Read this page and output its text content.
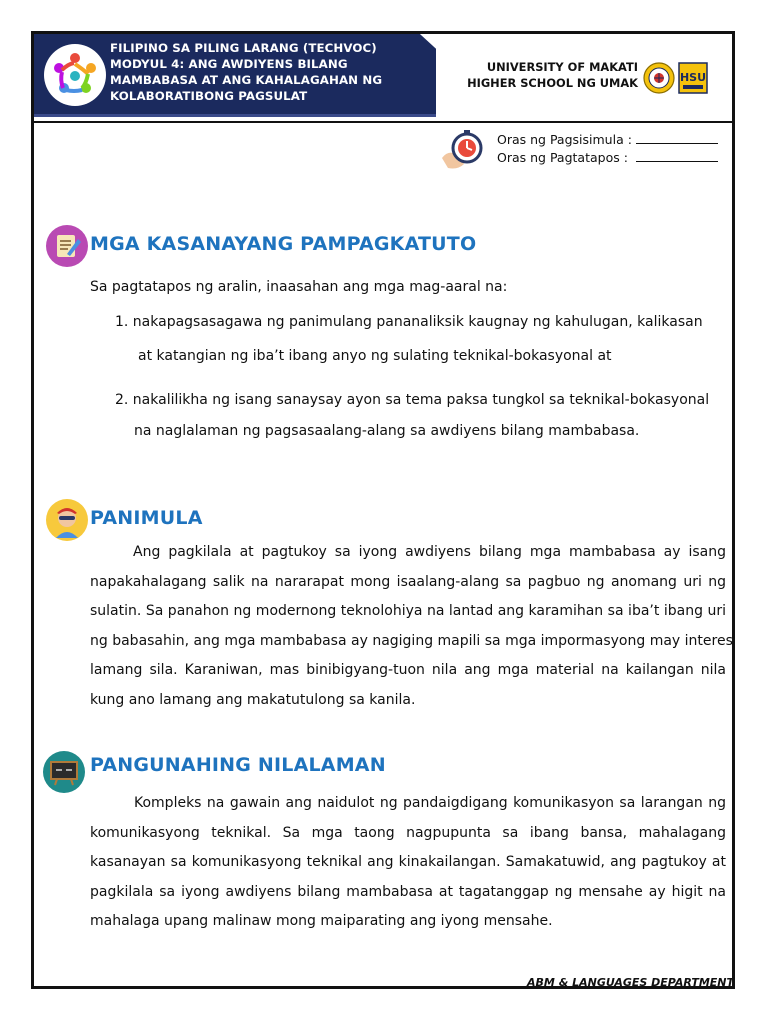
FILIPINO SA PILING LARANG (TECHVOC)
MODYUL 4: ANG AWDIYENS BILANG
MAMBABASA AT ANG KAHALAGAHAN NG
KOLABORATIBONG PAGSULAT
UNIVERSITY OF MAKATI
HIGHER SCHOOL NG UMAK	HSU
Oras ng Pagsisimula :
Oras ng Pagtatapos :
MGA KASANAYANG PAMPAGKATUTO
Sa pagtatapos ng aralin, inaasahan ang mga mag-aaral na:
1. nakapagsasagawa ng panimulang pananaliksik kaugnay ng kahulugan, kalikasan
at katangian ng iba’t ibang anyo ng sulating teknikal-bokasyonal at
2. nakalilikha ng isang sanaysay ayon sa tema paksa tungkol sa teknikal-bokasyonal
na naglalaman ng pagsasaalang-alang sa awdiyens bilang mambabasa.
PANIMULA
Ang pagkilala at pagtukoy sa iyong awdiyens bilang mga mambabasa ay isang
napakahalagang salik na nararapat mong isaalang-alang sa pagbuo ng anomang uri ng
sulatin. Sa panahon ng modernong teknolohiya na lantad ang karamihan sa iba’t ibang uri
ng babasahin, ang mga mambabasa ay nagiging mapili sa mga impormasyong may interes
lamang sila. Karaniwan, mas binibigyang-tuon nila ang mga material na kailangan nila
kung ano lamang ang makatutulong sa kanila.
PANGUNAHING NILALAMAN
Kompleks na gawain ang naidulot ng pandaigdigang komunikasyon sa larangan ng
komunikasyong teknikal. Sa mga taong nagpupunta sa ibang bansa, mahalagang
kasanayan sa komunikasyong teknikal ang kinakailangan. Samakatuwid, ang pagtukoy at
pagkilala sa iyong awdiyens bilang mambabasa at tagatanggap ng mensahe ay higit na
mahalaga upang malinaw mong maiparating ang iyong mensahe.
ABM & LANGUAGES DEPARTMENT
